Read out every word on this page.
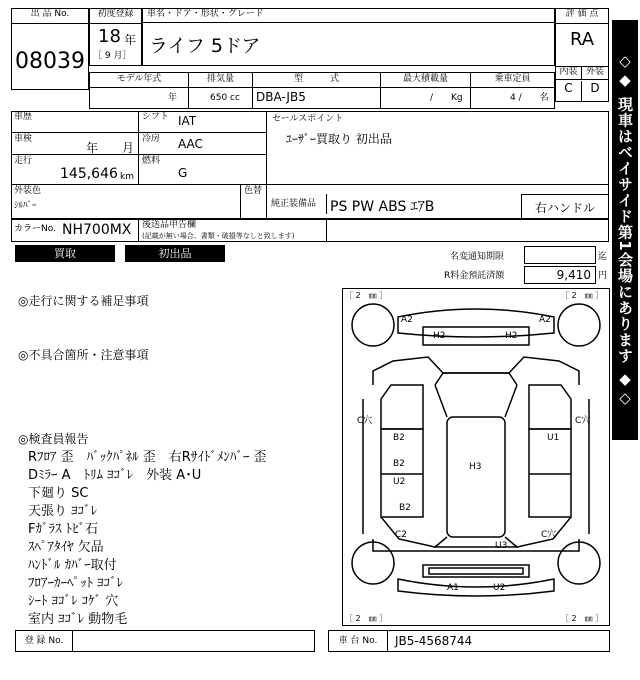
出 品 No.
08039
初度登録
18 年
［ 9 月］
車名・ドア・形状・グレード
ライフ 5ドア
評 価 点
RA
内装 外装
C	D
モデル年式	排気量	型　　　式	最大積載量	乗車定員
年	650 cc DBA-JB5	/　　Kg	4 /　　名
車歴
車検
年　　月
走行
145,646 km
シフト IAT
冷房 AAC
燃料
G
外装色
ｼﾙﾊﾞｰ
色替
セールスポイント
ﾕｰｻﾞｰ買取り 初出品
純正装備品 PS PW ABS ｴｱB	右ハンドル
カラーNo. NH700MX 後送品申告欄
(記載が無い場合、書類・破損等なしと致します)
買取	初出品	名変通知期限	迄
R料金預託済額	9,410 円
◎走行に関する補足事項
◎不具合箇所・注意事項
◎検査員報告
Rﾌﾛｱ 歪　ﾊﾞｯｸﾊﾟﾈﾙ 歪　右Rｻｲﾄﾞﾒﾝﾊﾞｰ 歪
Dﾐﾗｰ A　ﾄﾘﾑ ﾖｺﾞﾚ　外装 A･U
下廻り SC
天張り ﾖｺﾞﾚ
Fｶﾞﾗｽ ﾄﾋﾞ石
ｽﾍﾟｱﾀｲﾔ 欠品
ﾊﾝﾄﾞﾙ ｶﾊﾞｰ取付
ﾌﾛｱｰｶｰﾍﾟｯﾄ ﾖｺﾞﾚ
ｼｰﾄ ﾖｺﾞﾚ ｺｹﾞ 穴
室内 ﾖｺﾞﾚ 動物毛
［ 2　㎜ ］	［ 2　㎜ ］
［ 2　㎜ ］	［ 2　㎜ ］
A2	A2
H2	H2
C穴	C穴
B2	U1
B2
U2
H3
B2
C2	C穴
U3
A1	U2
登 録 No.	車 台 No.	JB5-4568744
◇◆ 現車はベイサイド第1会場にあります ◆◇
